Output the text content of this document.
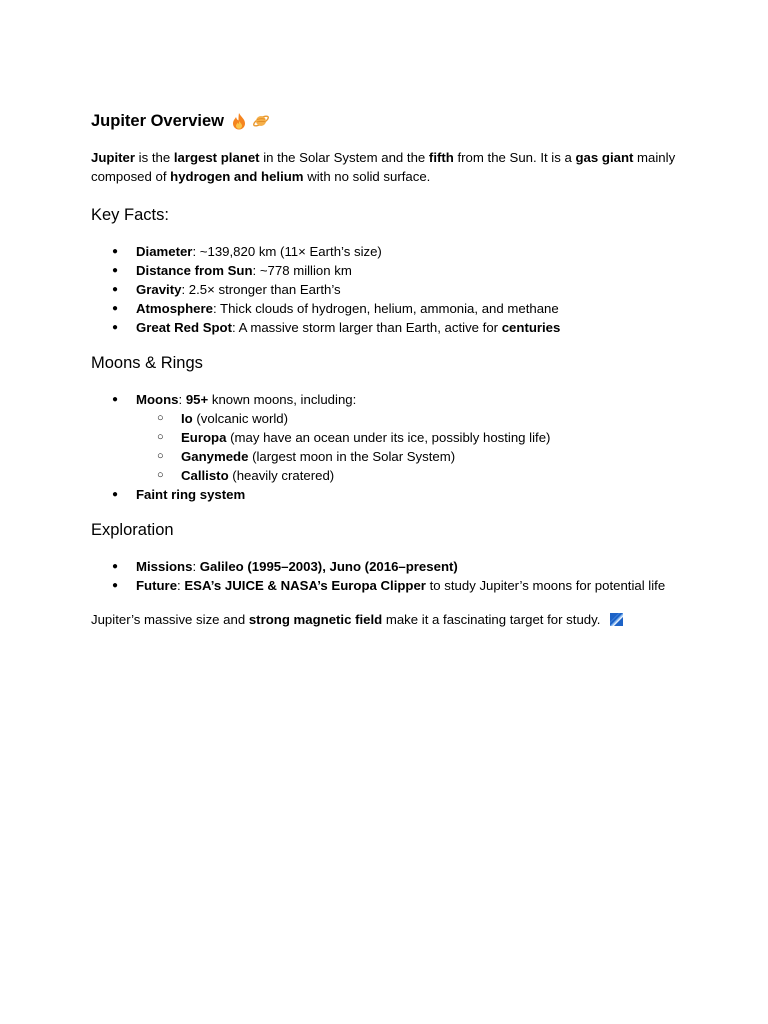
Jupiter Overview

Jupiter is the largest planet in the Solar System and the fifth from the Sun. It is a gas giant mainly composed of hydrogen and helium with no solid surface.

Key Facts:
● Diameter: ~139,820 km (11× Earth’s size)
● Distance from Sun: ~778 million km
● Gravity: 2.5× stronger than Earth’s
● Atmosphere: Thick clouds of hydrogen, helium, ammonia, and methane
● Great Red Spot: A massive storm larger than Earth, active for centuries
Moons & Rings
● Moons: 95+ known moons, including:
○ Io (volcanic world)
○ Europa (may have an ocean under its ice, possibly hosting life)
○ Ganymede (largest moon in the Solar System)
○ Callisto (heavily cratered)
● Faint ring system
Exploration
● Missions: Galileo (1995–2003), Juno (2016–present)
● Future: ESA’s JUICE & NASA’s Europa Clipper to study Jupiter’s moons for potential life

Jupiter’s massive size and strong magnetic field make it a fascinating target for study.
